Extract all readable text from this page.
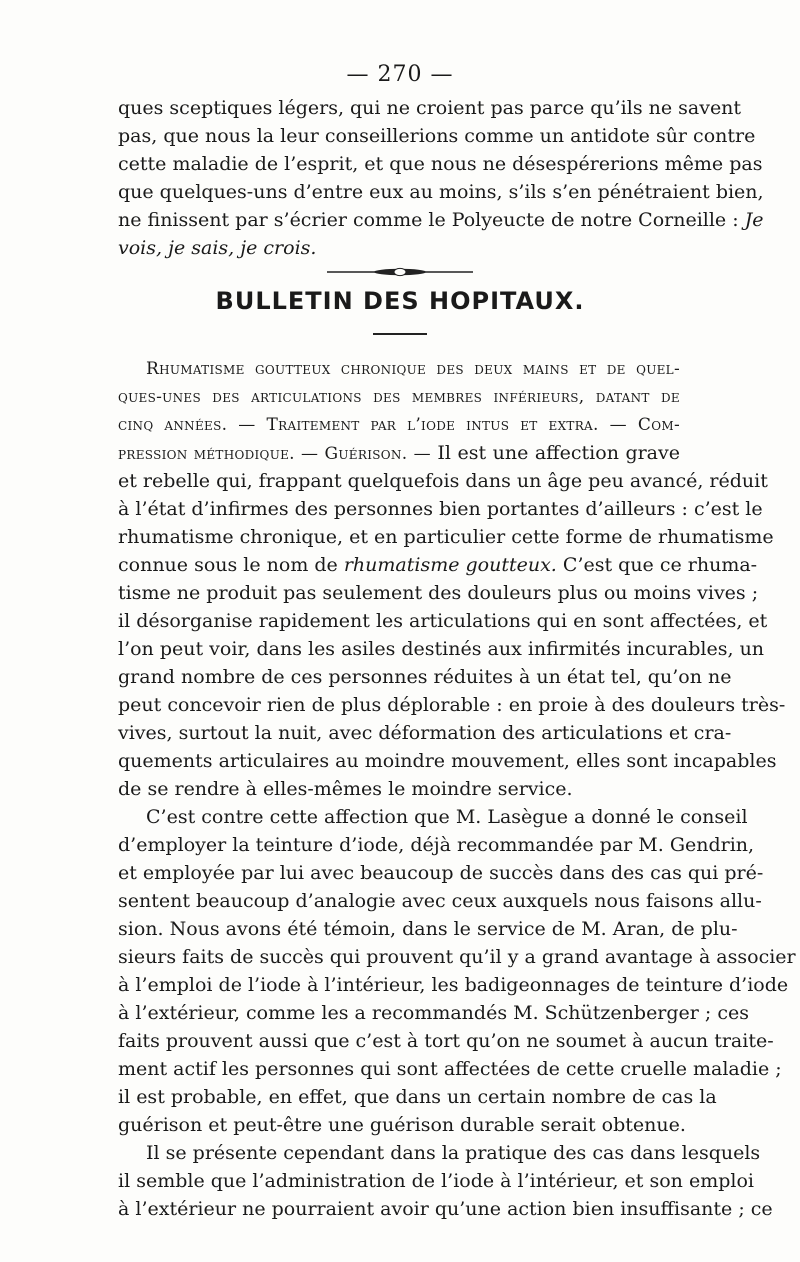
— 270 —
ques sceptiques légers, qui ne croient pas parce qu’ils ne savent
pas, que nous la leur conseillerions comme un antidote sûr contre
cette maladie de l’esprit, et que nous ne désespérerions même pas
que quelques-uns d’entre eux au moins, s’ils s’en pénétraient bien,
ne finissent par s’écrier comme le Polyeucte de notre Corneille : Je
vois, je sais, je crois.
BULLETIN DES HOPITAUX.
Rhumatisme goutteux chronique des deux mains et de quel-
ques-unes des articulations des membres inférieurs, datant de
cinq années. — Traitement par l’iode intus et extra. — Com-
pression méthodique. — Guérison. — Il est une affection grave
et rebelle qui, frappant quelquefois dans un âge peu avancé, réduit
à l’état d’infirmes des personnes bien portantes d’ailleurs : c’est le
rhumatisme chronique, et en particulier cette forme de rhumatisme
connue sous le nom de rhumatisme goutteux. C’est que ce rhuma-
tisme ne produit pas seulement des douleurs plus ou moins vives ;
il désorganise rapidement les articulations qui en sont affectées, et
l’on peut voir, dans les asiles destinés aux infirmités incurables, un
grand nombre de ces personnes réduites à un état tel, qu’on ne
peut concevoir rien de plus déplorable : en proie à des douleurs très-
vives, surtout la nuit, avec déformation des articulations et cra-
quements articulaires au moindre mouvement, elles sont incapables
de se rendre à elles-mêmes le moindre service.
C’est contre cette affection que M. Lasègue a donné le conseil
d’employer la teinture d’iode, déjà recommandée par M. Gendrin,
et employée par lui avec beaucoup de succès dans des cas qui pré-
sentent beaucoup d’analogie avec ceux auxquels nous faisons allu-
sion. Nous avons été témoin, dans le service de M. Aran, de plu-
sieurs faits de succès qui prouvent qu’il y a grand avantage à associer
à l’emploi de l’iode à l’intérieur, les badigeonnages de teinture d’iode
à l’extérieur, comme les a recommandés M. Schützenberger ; ces
faits prouvent aussi que c’est à tort qu’on ne soumet à aucun traite-
ment actif les personnes qui sont affectées de cette cruelle maladie ;
il est probable, en effet, que dans un certain nombre de cas la
guérison et peut-être une guérison durable serait obtenue.
Il se présente cependant dans la pratique des cas dans lesquels
il semble que l’administration de l’iode à l’intérieur, et son emploi
à l’extérieur ne pourraient avoir qu’une action bien insuffisante ; ce
